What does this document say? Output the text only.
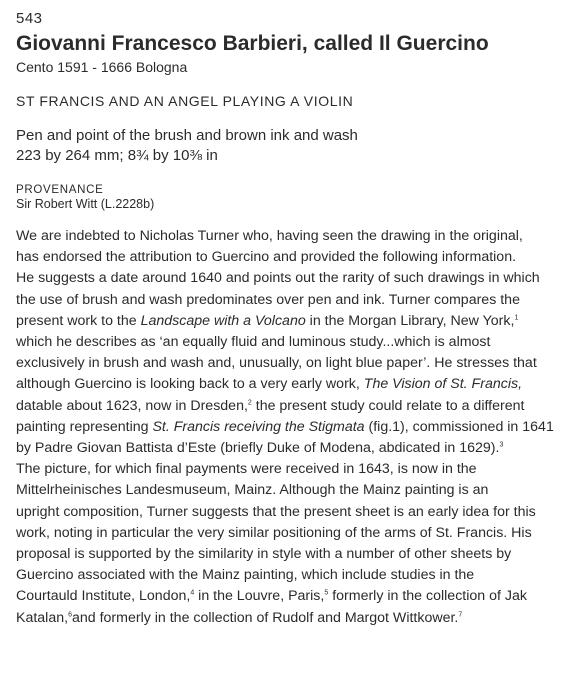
543
Giovanni Francesco Barbieri, called Il Guercino
Cento 1591 - 1666 Bologna
ST FRANCIS AND AN ANGEL PLAYING A VIOLIN
Pen and point of the brush and brown ink and wash
223 by 264 mm; 8¾ by 10⅜ in
PROVENANCE
Sir Robert Witt (L.2228b)
We are indebted to Nicholas Turner who, having seen the drawing in the original,
has endorsed the attribution to Guercino and provided the following information.
He suggests a date around 1640 and points out the rarity of such drawings in which
the use of brush and wash predominates over pen and ink. Turner compares the
present work to the Landscape with a Volcano in the Morgan Library, New York,$^1$
which he describes as ‘an equally fluid and luminous study...which is almost
exclusively in brush and wash and, unusually, on light blue paper’. He stresses that
although Guercino is looking back to a very early work, The Vision of St. Francis,
datable about 1623, now in Dresden,$^2$ the present study could relate to a different
painting representing St. Francis receiving the Stigmata (fig.1), commissioned in 1641
by Padre Giovan Battista d’Este (briefly Duke of Modena, abdicated in 1629).$^3$
The picture, for which final payments were received in 1643, is now in the
Mittelrheinisches Landesmuseum, Mainz. Although the Mainz painting is an
upright composition, Turner suggests that the present sheet is an early idea for this
work, noting in particular the very similar positioning of the arms of St. Francis. His
proposal is supported by the similarity in style with a number of other sheets by
Guercino associated with the Mainz painting, which include studies in the
Courtauld Institute, London,$^4$ in the Louvre, Paris,$^5$ formerly in the collection of Jak
Katalan,$^6$and formerly in the collection of Rudolf and Margot Wittkower.$^7$
